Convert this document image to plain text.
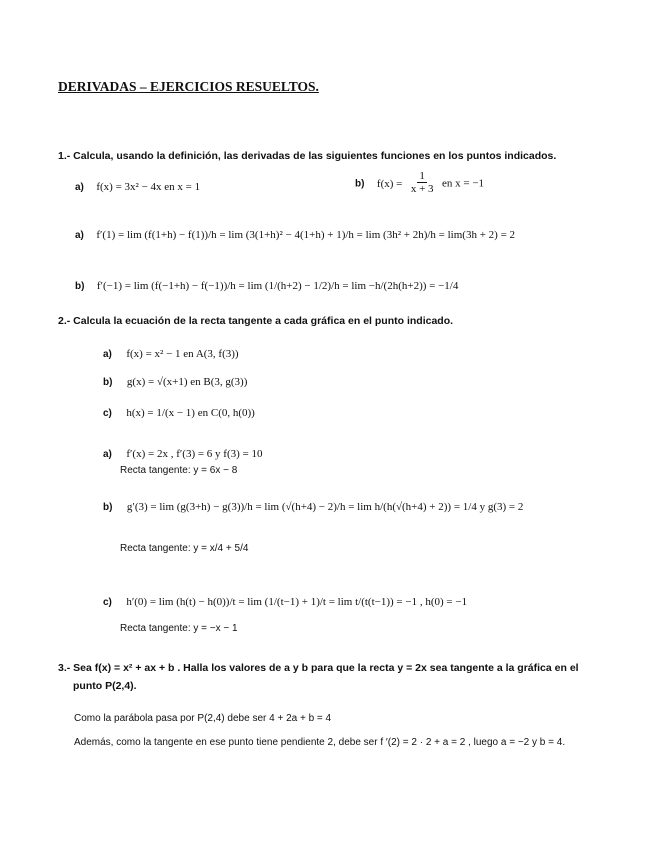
DERIVADAS – EJERCICIOS RESUELTOS.
1.- Calcula, usando la definición, las derivadas de las siguientes funciones en los puntos indicados.
a) f(x) = 3x² − 4x en x = 1	b) $f(x) = \frac{1}{x + 3}$ en x = −1
a) f′(1) = lim (f(1+h) − f(1))/h = lim (3(1+h)² − 4(1+h) + 1)/h = lim (3h² + 2h)/h = lim(3h + 2) = 2
b) f′(−1) = lim (f(−1+h) − f(−1))/h = lim (1/(h+2) − 1/2)/h = lim −h/(2h(h+2)) = −1/4
2.- Calcula la ecuación de la recta tangente a cada gráfica en el punto indicado.
a) f(x) = x² − 1 en A(3, f(3))
b) g(x) = √(x+1) en B(3, g(3))
c) h(x) = 1/(x − 1) en C(0, h(0))
a) f′(x) = 2x , f′(3) = 6 y f(3) = 10
Recta tangente: y = 6x − 8
b) g′(3) = lim (g(3+h) − g(3))/h = lim (√(h+4) − 2)/h = lim h/(h(√(h+4) + 2)) = 1/4 y g(3) = 2
Recta tangente: y = x/4 + 5/4
c) h′(0) = lim (h(t) − h(0))/t = lim (1/(t−1) + 1)/t = lim t/(t(t−1)) = −1 , h(0) = −1
Recta tangente: y = −x − 1
3.- Sea f(x) = x² + ax + b . Halla los valores de a y b para que la recta y = 2x sea tangente a la gráfica en el
punto P(2,4).
Como la parábola pasa por P(2,4) debe ser 4 + 2a + b = 4
Además, como la tangente en ese punto tiene pendiente 2, debe ser f ′(2) = 2 · 2 + a = 2 , luego a = −2 y b = 4.
